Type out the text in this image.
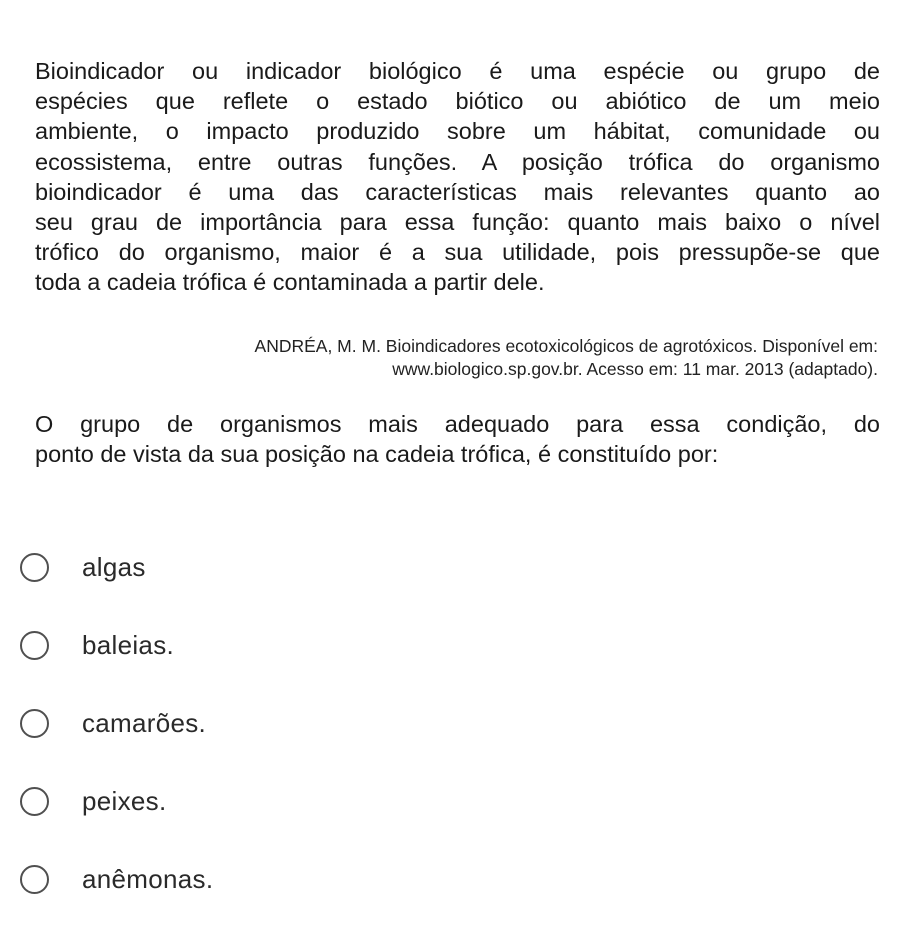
Bioindicador ou indicador biológico é uma espécie ou grupo de
espécies que reflete o estado biótico ou abiótico de um meio
ambiente, o impacto produzido sobre um hábitat, comunidade ou
ecossistema, entre outras funções. A posição trófica do organismo
bioindicador é uma das características mais relevantes quanto ao
seu grau de importância para essa função: quanto mais baixo o nível
trófico do organismo, maior é a sua utilidade, pois pressupõe-se que
toda a cadeia trófica é contaminada a partir dele.
ANDRÉA, M. M. Bioindicadores ecotoxicológicos de agrotóxicos. Disponível em:
www.biologico.sp.gov.br. Acesso em: 11 mar. 2013 (adaptado).
O grupo de organismos mais adequado para essa condição, do
ponto de vista da sua posição na cadeia trófica, é constituído por:
algas
baleias.
camarões.
peixes.
anêmonas.
